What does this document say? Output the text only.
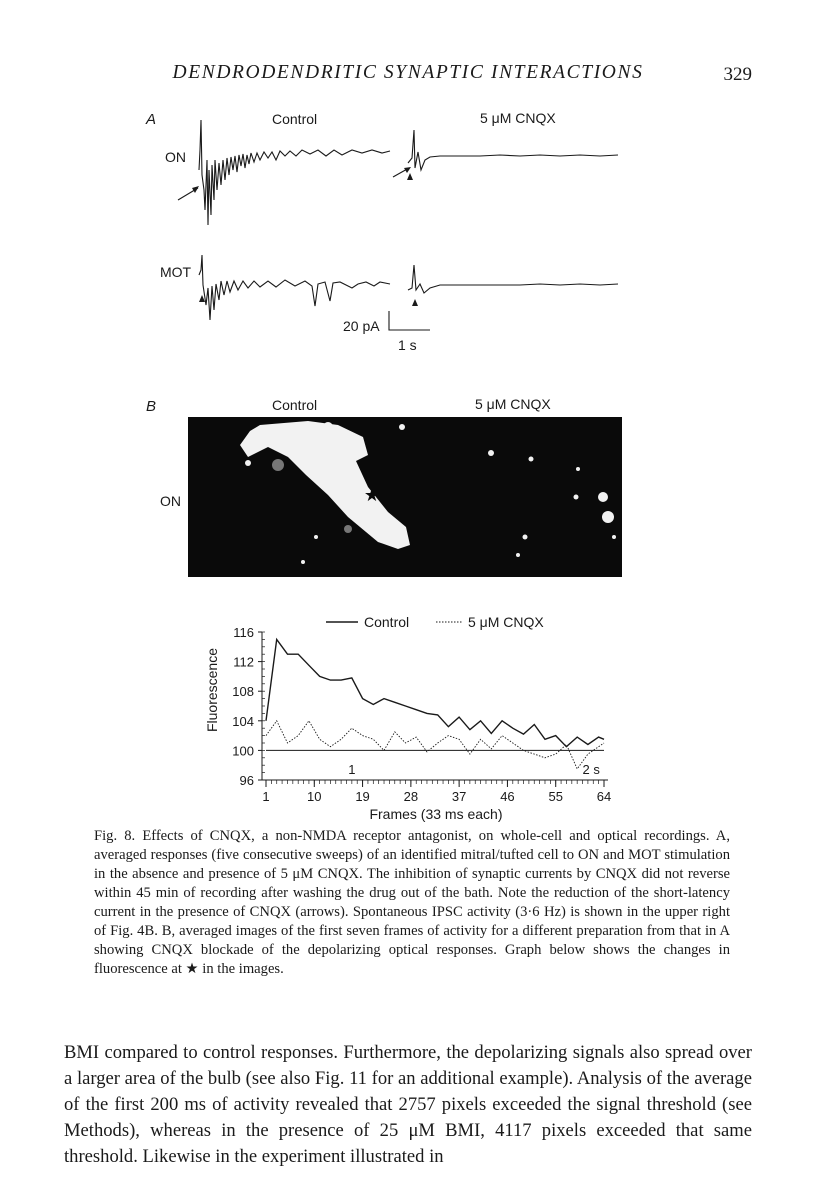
DENDRODENDRITIC SYNAPTIC INTERACTIONS	329
A	Control	5 μM CNQX
ON
MOT
20 pA
1 s
B	Control	5 μM CNQX
ON	★
Control	5 μM CNQX
1	10	19	28	37	46	55	64
96
100
104
108
112
116
1	2 s
Fluorescence
Frames (33 ms each)
Fig. 8. Effects of CNQX, a non-NMDA receptor antagonist, on whole-cell and optical recordings. A, averaged responses (five consecutive sweeps) of an identified mitral/tufted cell to ON and MOT stimulation in the absence and presence of 5 μM CNQX. The inhibition of synaptic currents by CNQX did not reverse within 45 min of recording after washing the drug out of the bath. Note the reduction of the short-latency current in the presence of CNQX (arrows). Spontaneous IPSC activity (3·6 Hz) is shown in the upper right of Fig. 4B. B, averaged images of the first seven frames of activity for a different preparation from that in A showing CNQX blockade of the depolarizing optical responses. Graph below shows the changes in fluorescence at ★ in the images.
BMI compared to control responses. Furthermore, the depolarizing signals also spread over a larger area of the bulb (see also Fig. 11 for an additional example). Analysis of the average of the first 200 ms of activity revealed that 2757 pixels exceeded the signal threshold (see Methods), whereas in the presence of 25 μM BMI, 4117 pixels exceeded that same threshold. Likewise in the experiment illustrated in
